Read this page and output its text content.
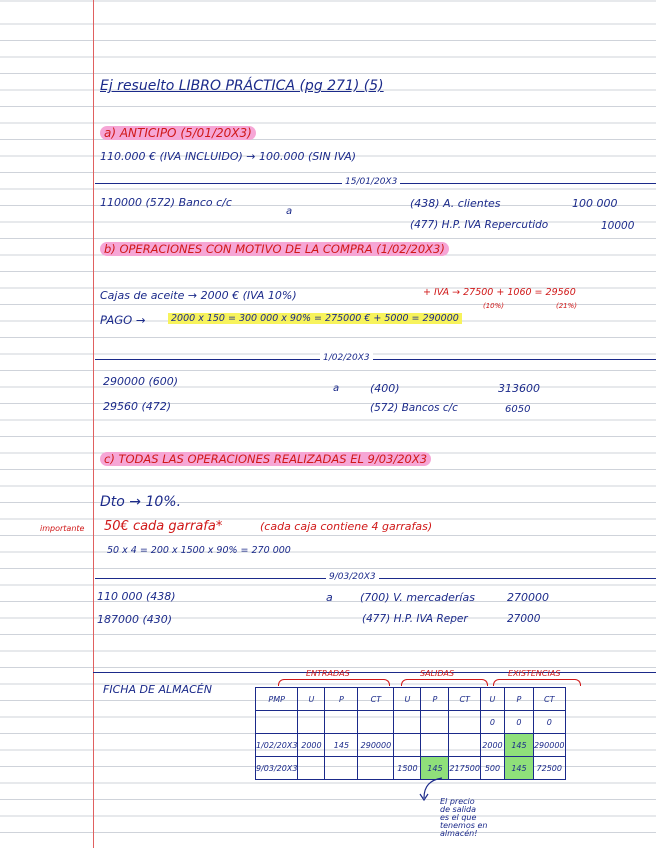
Ej resuelto LIBRO PRÁCTICA (pg 271) (5)
a) ANTICIPO (5/01/20X3)
110.000 € (IVA INCLUIDO) → 100.000 (SIN IVA)
15/01/20X3
110000 (572) Banco c/c
a
(438) A. clientes	100 000
(477) H.P. IVA Repercutido	10000
b) OPERACIONES CON MOTIVO DE LA COMPRA (1/02/20X3)
Cajas de aceite → 2000 € (IVA 10%)	+ IVA → 27500 + 1060 = 29560
(10%)	(21%)
PAGO →	2000 x 150 = 300 000 x 90% = 275000 € + 5000 = 290000
1/02/20X3
290000 (600)
a	(400)	313600
29560 (472)	(572) Bancos c/c	6050
c) TODAS LAS OPERACIONES REALIZADAS EL 9/03/20X3
Dto → 10%.
importante 50€ cada garrafa*	(cada caja contiene 4 garrafas)
50 x 4 = 200 x 1500 x 90% = 270 000
9/03/20X3
110 000 (438)	a (700) V. mercaderías	270000
187000 (430)	(477) H.P. IVA Reper	27000
FICHA DE ALMACÉN
ENTRADAS	SALIDAS	EXISTENCIAS
PMP	U	P	CT	U	P	CT	U	P	CT
							0	0	0
1/02/20X3	2000	145	290000				2000	145	290000
9/03/20X3				1500	145	217500	500	145	72500
El precio
de salida
es el que
tenemos en
almacén!
